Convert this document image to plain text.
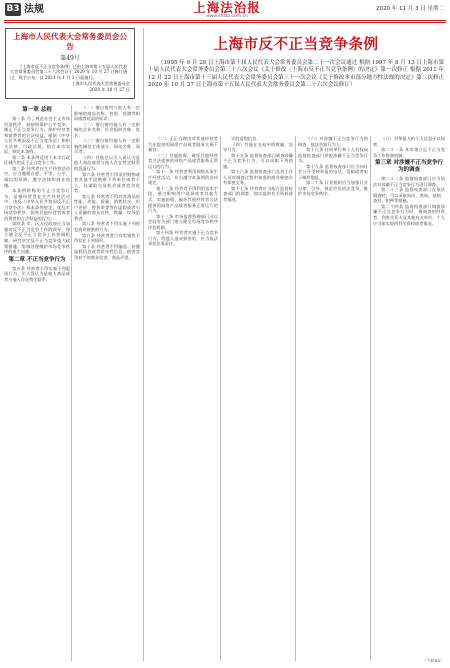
B3 法规	上海法治报
www.shfzb.com.cn
2020 年 11 月 3 日 星期二
上海市人民代表大会常务委员会公告
第49号
《上海市反不正当竞争条例》已由上海市第十五届人民代表大会常务委员会第二十六次会议于 2020 年 10 月 27 日修订通过，现予公布，自 2021 年 1 月 1 日起施行。
上海市人民代表大会常务委员会
2020 年 10 月 27 日
上海市反不正当竞争条例
（1995 年 9 月 28 日上海市第十届人民代表大会常务委员会第二十一次会议通过 根据 1997 年 8 月 13 日上海市第十届人民代表大会常务委员会第三十八次会议《关于修改〈上海市反不正当竞争条例〉的决定》第一次修正 根据 2011 年 12 月 22 日上海市第十三届人民代表大会常务委员会第三十一次会议《关于修改本市部分地方性法规的决定》第二次修正 2020 年 10 月 27 日上海市第十五届人民代表大会常务委员会第二十六次会议修订）
第一章 总则

第一条 为了规范社会主义市场经济秩序，鼓励和保护公平竞争，制止不正当竞争行为，保护经营者和消费者的合法权益，根据《中华人民共和国反不正当竞争法》和相关法律、行政法规，结合本市实际，制定本条例。

第二条 本条例适用于本市行政区域内的反不正当竞争工作。

第三条 经营者在生产经营活动中，应当遵循自愿、平等、公平、诚信的原则，遵守法律和商业道德。

本条例所称的不正当竞争行为，是指经营者在生产经营活动中，违反《中华人民共和国反不正当竞争法》和本条例规定，扰乱市场竞争秩序，损害其他经营者或者消费者的合法权益的行为。

第四条 市、区人民政府应当加强对反不正当竞争工作的领导，建立健全反不正当竞争工作协调机制，研究决定反不正当竞争重大政策措施，协调处理维护市场竞争秩序的重大问题。

第二章 不正当竞争行为

第五条 经营者不得实施下列混淆行为，引人误认为是他人商品或者与他人存在特定联系：

（一）擅自使用与他人有一定影响的商品名称、包装、装潢等相同或者近似的标识；

（二）擅自使用他人有一定影响的企业名称、社会组织名称、姓名；

（三）擅自使用他人有一定影响的域名主体部分、网站名称、网页等；

（四）其他足以引人误认为是他人商品或者与他人存在特定联系的混淆行为。

第六条 经营者不得采用财物或者其他手段贿赂下列单位或者个人，以谋取交易机会或者竞争优势。

第七条 经营者不得对其商品的性能、功能、质量、销售状况、用户评价、曾获荣誉等作虚假或者引人误解的商业宣传，欺骗、误导消费者。

第八条 经营者不得实施下列侵犯商业秘密的行为。

第九条 经营者进行有奖销售不得存在下列情形。

第十条 经营者不得编造、传播虚假信息或者误导性信息，损害竞争对手的商业信誉、商品声誉。

（二）无正当理由对其他经营者合法提供的网络产品或者服务实施不兼容；

（三）其他妨碍、破坏其他经营者合法提供的网络产品或者服务正常运行的行为。

第十一条 经营者利用网络从事生产经营活动，应当遵守本条例的各项规定。

第十二条 经营者不得利用技术手段，通过影响用户选择或者其他方式，实施妨碍、破坏其他经营者合法提供的网络产品或者服务正常运行的行为。

第十三条 市场监督管理部门可以会同有关部门建立健全市场竞争秩序评估机制。

第十四条 经营者实施不正当竞争行为，给他人造成损害的，应当依法承担民事责任。

实的虚假信息；

（四）其他在交易中的欺骗、误导行为。

第十五条 监督检查部门调查涉嫌不正当竞争行为，可以采取下列措施。

第十六条 监督检查部门及其工作人员对调查过程中知悉的商业秘密负有保密义务。

第十七条 经营者应当配合监督检查部门的调查，如实提供有关资料或者情况。

（六）对涉嫌不正当竞争行为的调查，依法告知行为人；

第十八条 任何单位和个人有权向监督检查部门举报涉嫌不正当竞争行为。

第十九条 监督检查部门应当向社会公开受理举报的电话、信箱或者电子邮件地址。

第二十条 行业组织应当加强行业自律，引导、规范会员依法竞争，维护市场竞争秩序。

（六）对举报人的个人信息予以保密；

第二十一条 本市建立反不正当竞争工作协调机制。

第三章 对涉嫌不正当竞争行为的调查

第二十二条 监督检查部门应当依法对涉嫌不正当竞争行为进行调查。

第二十三条 监督检查部门在依法调查时，可以采取询问、查询、复制、查封、扣押等措施。

第二十四条 监督检查部门调查涉嫌不正当竞争行为时，被调查的经营者、利害关系人及其他有关单位、个人应当如实提供有关资料或者情况。

（下转B4）
